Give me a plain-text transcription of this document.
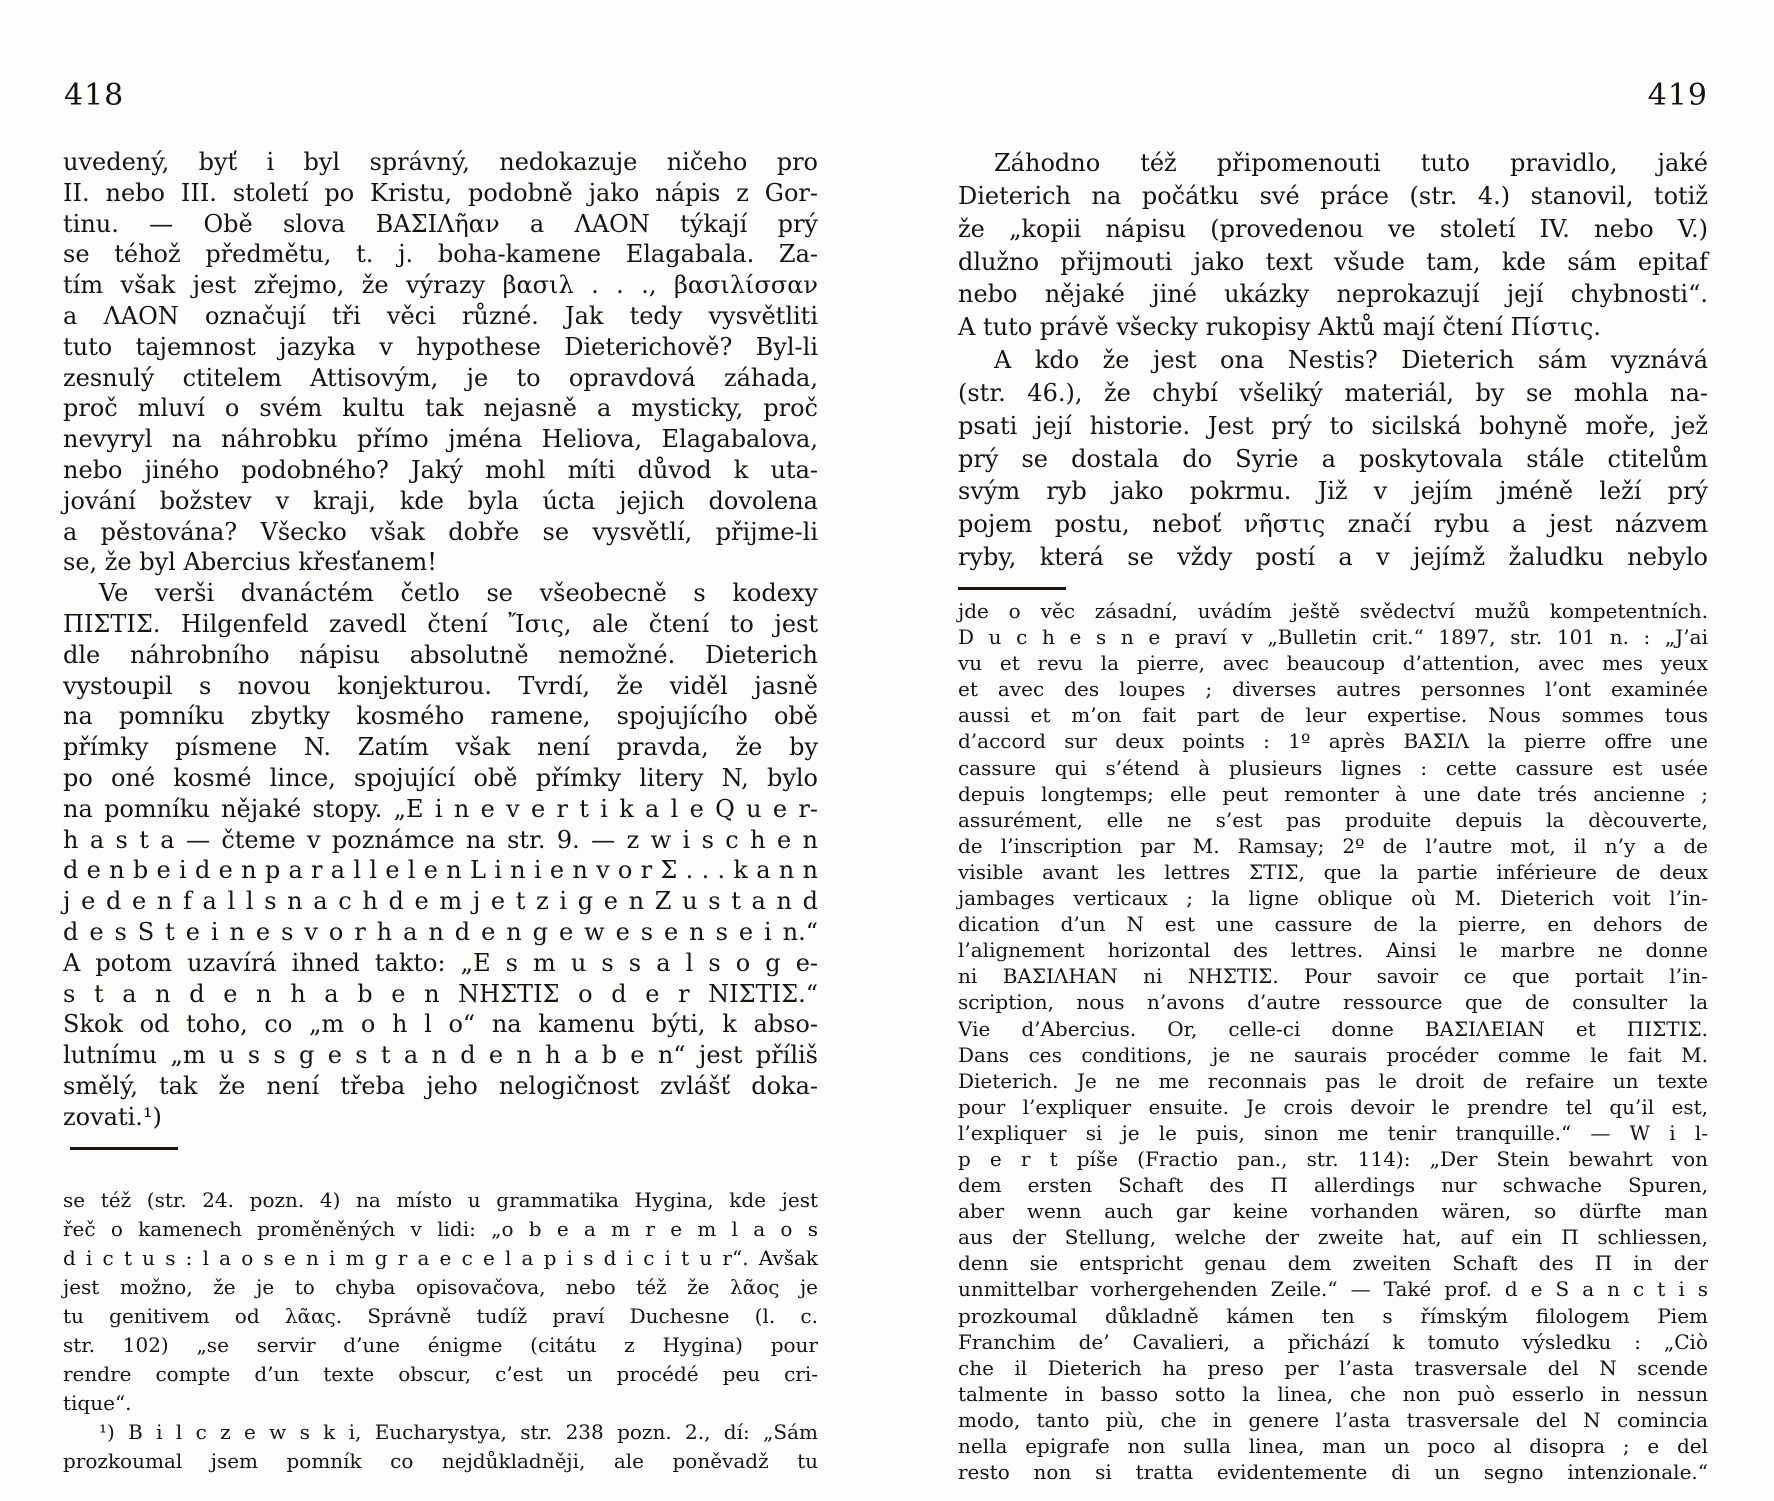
418	419
uvedený, byť i byl správný, nedokazuje ničeho pro
II. nebo III. století po Kristu, podobně jako nápis z Gor-
tinu. — Obě slova ΒΑΣΙΛῆαν a ΛΑΟΝ týkají prý
se téhož předmětu, t. j. boha-kamene Elagabala. Za-
tím však jest zřejmo, že výrazy βασιλ . . ., βασιλίσσαν
a ΛΑΟΝ označují tři věci různé. Jak tedy vysvětliti
tuto tajemnost jazyka v hypothese Dieterichově? Byl-li
zesnulý ctitelem Attisovým, je to opravdová záhada,
proč mluví o svém kultu tak nejasně a mysticky, proč
nevyryl na náhrobku přímo jména Heliova, Elagabalova,
nebo jiného podobného? Jaký mohl míti důvod k uta-
jování božstev v kraji, kde byla úcta jejich dovolena
a pěstována? Všecko však dobře se vysvětlí, přijme-li
se, že byl Abercius křesťanem!
Ve verši dvanáctém četlo se všeobecně s kodexy
ΠΙΣΤΙΣ. Hilgenfeld zavedl čtení Ἴσις, ale čtení to jest
dle náhrobního nápisu absolutně nemožné. Dieterich
vystoupil s novou konjekturou. Tvrdí, že viděl jasně
na pomníku zbytky kosmého ramene, spojujícího obě
přímky písmene N. Zatím však není pravda, že by
po oné kosmé lince, spojující obě přímky litery N, bylo
na pomníku nějaké stopy. „E i n e v e r t i k a l e Q u e r-
h a s t a — čteme v poznámce na str. 9. — z w i s c h e n
d e n b e i d e n p a r a l l e l e n L i n i e n v o r Σ . . . k a n n
j e d e n f a l l s n a c h d e m j e t z i g e n Z u s t a n d
d e s S t e i n e s v o r h a n d e n g e w e s e n s e i n.“
A potom uzavírá ihned takto: „E s m u s s a l s o g e-
s t a n d e n h a b e n ΝΗΣΤΙΣ o d e r ΝΙΣΤΙΣ.“
Skok od toho, co „m o h l o“ na kamenu býti, k abso-
lutnímu „m u s s g e s t a n d e n h a b e n“ jest příliš
smělý, tak že není třeba jeho nelogičnost zvlášť doka-
zovati.¹)
se též (str. 24. pozn. 4) na místo u grammatika Hygina, kde jest
řeč o kamenech proměněných v lidi: „o b e a m r e m l a o s
d i c t u s : l a o s e n i m g r a e c e l a p i s d i c i t u r“. Avšak
jest možno, že je to chyba opisovačova, nebo též že λᾶος je
tu genitivem od λᾶας. Správně tudíž praví Duchesne (l. c.
str. 102) „se servir d’une énigme (citátu z Hygina) pour
rendre compte d’un texte obscur, c’est un procédé peu cri-
tique“.
¹) B i l c z e w s k i, Eucharystya, str. 238 pozn. 2., dí: „Sám
prozkoumal jsem pomník co nejdůkladněji, ale poněvadž tu
Záhodno též připomenouti tuto pravidlo, jaké
Dieterich na počátku své práce (str. 4.) stanovil, totiž
že „kopii nápisu (provedenou ve století IV. nebo V.)
dlužno přijmouti jako text všude tam, kde sám epitaf
nebo nějaké jiné ukázky neprokazují její chybnosti“.
A tuto právě všecky rukopisy Aktů mají čtení Πίστις.
A kdo že jest ona Nestis? Dieterich sám vyznává
(str. 46.), že chybí všeliký materiál, by se mohla na-
psati její historie. Jest prý to sicilská bohyně moře, jež
prý se dostala do Syrie a poskytovala stále ctitelům
svým ryb jako pokrmu. Již v jejím jméně leží prý
pojem postu, neboť νῆστις značí rybu a jest názvem
ryby, která se vždy postí a v jejímž žaludku nebylo
jde o věc zásadní, uvádím ještě svědectví mužů kompetentních.
D u c h e s n e praví v „Bulletin crit.“ 1897, str. 101 n. : „J’ai
vu et revu la pierre, avec beaucoup d’attention, avec mes yeux
et avec des loupes ; diverses autres personnes l’ont examinée
aussi et m’on fait part de leur expertise. Nous sommes tous
d’accord sur deux points : 1º après ΒΑΣΙΛ la pierre offre une
cassure qui s’étend à plusieurs lignes : cette cassure est usée
depuis longtemps; elle peut remonter à une date trés ancienne ;
assurément, elle ne s’est pas produite depuis la dècouverte,
de l’inscription par M. Ramsay; 2º de l’autre mot, il n’y a de
visible avant les lettres ΣΤΙΣ, que la partie inférieure de deux
jambages verticaux ; la ligne oblique où M. Dieterich voit l’in-
dication d’un N est une cassure de la pierre, en dehors de
l’alignement horizontal des lettres. Ainsi le marbre ne donne
ni ΒΑΣΙΛΗΑΝ ni ΝΗΣΤΙΣ. Pour savoir ce que portait l’in-
scription, nous n’avons d’autre ressource que de consulter la
Vie d’Abercius. Or, celle-ci donne ΒΑΣΙΛΕΙΑΝ et ΠΙΣΤΙΣ.
Dans ces conditions, je ne saurais procéder comme le fait M.
Dieterich. Je ne me reconnais pas le droit de refaire un texte
pour l’expliquer ensuite. Je crois devoir le prendre tel qu’il est,
l’expliquer si je le puis, sinon me tenir tranquille.“ — W i l-
p e r t píše (Fractio pan., str. 114): „Der Stein bewahrt von
dem ersten Schaft des Π allerdings nur schwache Spuren,
aber wenn auch gar keine vorhanden wären, so dürfte man
aus der Stellung, welche der zweite hat, auf ein Π schliessen,
denn sie entspricht genau dem zweiten Schaft des Π in der
unmittelbar vorhergehenden Zeile.“ — Také prof. d e S a n c t i s
prozkoumal důkladně kámen ten s římským filologem Piem
Franchim de’ Cavalieri, a přichází k tomuto výsledku : „Ciò
che il Dieterich ha preso per l’asta trasversale del N scende
talmente in basso sotto la linea, che non può esserlo in nessun
modo, tanto più, che in genere l’asta trasversale del N comincia
nella epigrafe non sulla linea, man un poco al disopra ; e del
resto non si tratta evidentemente di un segno intenzionale.“
